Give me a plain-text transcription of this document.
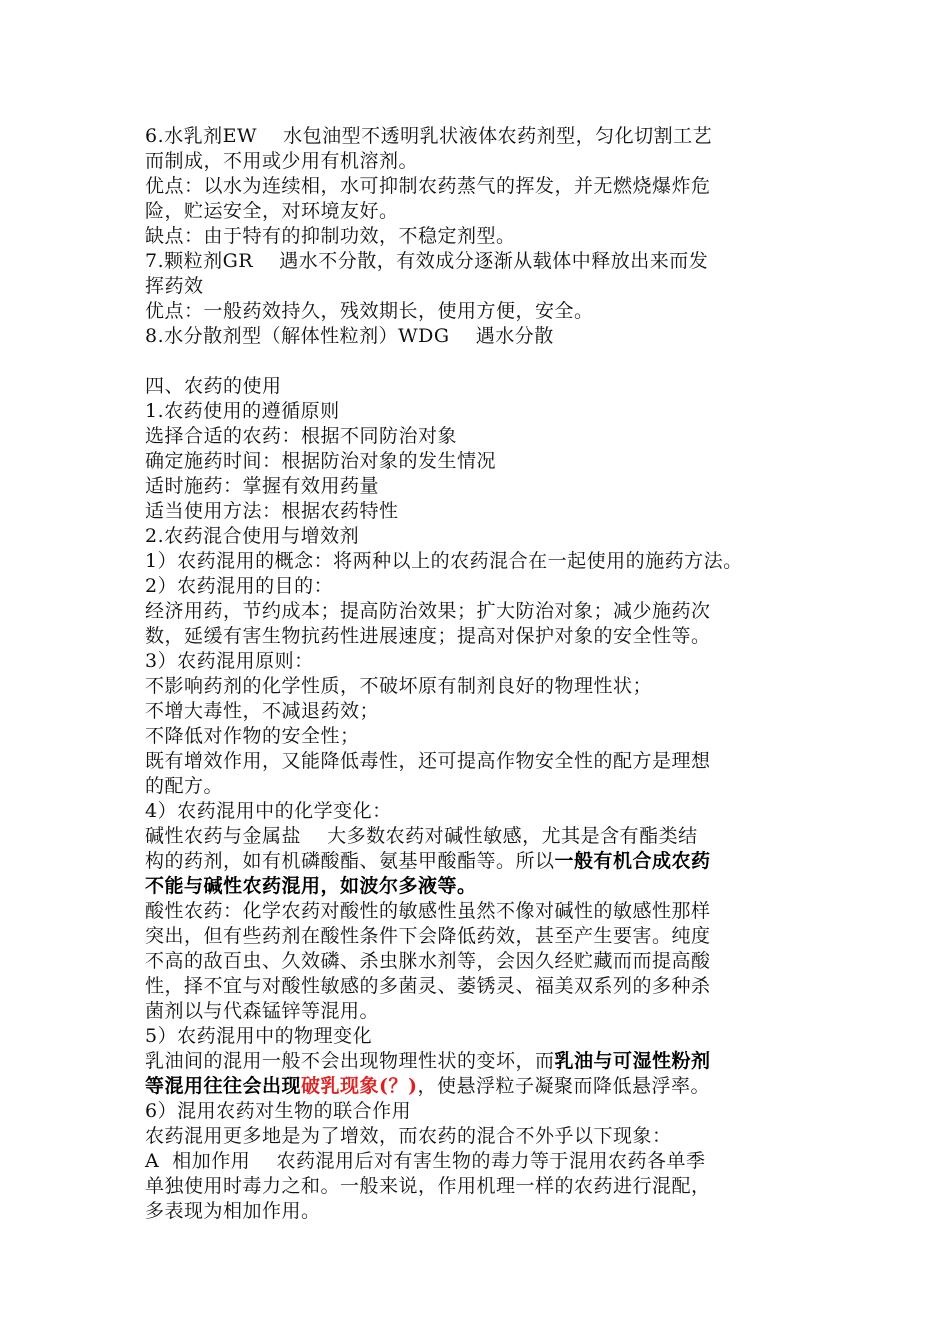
6.水乳剂EW    水包油型不透明乳状液体农药剂型，匀化切割工艺
而制成，不用或少用有机溶剂。
优点：以水为连续相，水可抑制农药蒸气的挥发，并无燃烧爆炸危
险，贮运安全，对环境友好。
缺点：由于特有的抑制功效，不稳定剂型。
7.颗粒剂GR    遇水不分散，有效成分逐渐从载体中释放出来而发
挥药效
优点：一般药效持久，残效期长，使用方便，安全。
8.水分散剂型（解体性粒剂）WDG    遇水分散
四、农药的使用
1.农药使用的遵循原则
选择合适的农药：根据不同防治对象
确定施药时间：根据防治对象的发生情况
适时施药：掌握有效用药量
适当使用方法：根据农药特性
2.农药混合使用与增效剂
1）农药混用的概念：将两种以上的农药混合在一起使用的施药方法。
2）农药混用的目的：
经济用药，节约成本；提高防治效果；扩大防治对象；减少施药次
数，延缓有害生物抗药性进展速度；提高对保护对象的安全性等。
3）农药混用原则：
不影响药剂的化学性质，不破坏原有制剂良好的物理性状；
不增大毒性，不减退药效；
不降低对作物的安全性；
既有增效作用，又能降低毒性，还可提高作物安全性的配方是理想
的配方。
4）农药混用中的化学变化：
碱性农药与金属盐    大多数农药对碱性敏感，尤其是含有酯类结
构的药剂，如有机磷酸酯、氨基甲酸酯等。所以一般有机合成农药
不能与碱性农药混用，如波尔多液等。
酸性农药：化学农药对酸性的敏感性虽然不像对碱性的敏感性那样
突出，但有些药剂在酸性条件下会降低药效，甚至产生要害。纯度
不高的敌百虫、久效磷、杀虫脒水剂等，会因久经贮藏而而提高酸
性，择不宜与对酸性敏感的多菌灵、萎锈灵、福美双系列的多种杀
菌剂以与代森锰锌等混用。
5）农药混用中的物理变化
乳油间的混用一般不会出现物理性状的变坏，而乳油与可湿性粉剂
等混用往往会出现破乳现象(？)，使悬浮粒子凝聚而降低悬浮率。
6）混用农药对生物的联合作用
农药混用更多地是为了增效，而农药的混合不外乎以下现象：
A  相加作用    农药混用后对有害生物的毒力等于混用农药各单季
单独使用时毒力之和。一般来说，作用机理一样的农药进行混配，
多表现为相加作用。
